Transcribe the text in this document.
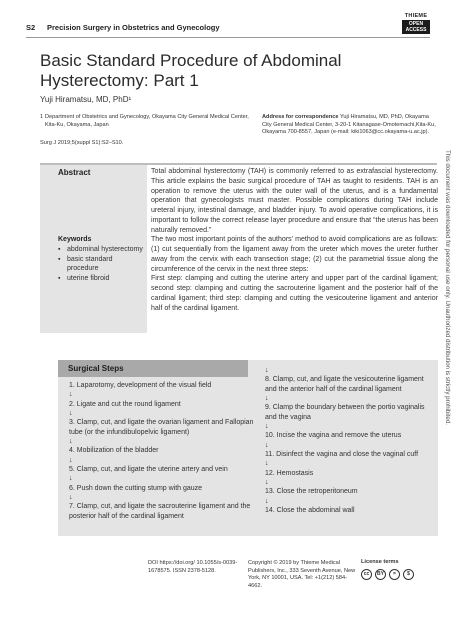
S2 Precision Surgery in Obstetrics and Gynecology
THIEME
OPEN
ACCESS
Basic Standard Procedure of Abdominal Hysterectomy: Part 1
Yuji Hiramatsu, MD, PhD¹
1 Department of Obstetrics and Gynecology, Okayama City General Medical Center, Kita-Ku, Okayama, Japan
Address for correspondence Yuji Hiramatsu, MD, PhD, Okayama City General Medical Center, 3-20-1 Kitanagase-Omotemachi,Kita-Ku, Okayama 700-8557, Japan (e-mail: kiki1063@cc.okayama-u.ac.jp).
Surg J 2019;5(suppl S1):S2–S10.
Abstract	Total abdominal hysterectomy (TAH) is commonly referred to as extrafascial hysterectomy. This article explains the basic surgical procedure of TAH as taught to residents. TAH is an operation to remove the uterus with the outer wall of the uterus, and is a fundamental operation that gynecologists must master. Possible complications during TAH include ureteral injury, intestinal damage, and bladder injury. To avoid operative complications, it is important to follow the correct release layer procedure and ensure that “the uterus has been naturally removed.”

The two most important points of the authors’ method to avoid complications are as follows: (1) cut sequentially from the ligament away from the ureter which moves the ureter further away from the cervix with each transection stage; (2) cut the parametrial tissue along the circumference of the cervix in the next three steps:

First step: clamping and cutting the uterine artery and upper part of the cardinal ligament; second step: clamping and cutting the sacrouterine ligament and the posterior half of the cardinal ligament; third step: clamping and cutting the vesicouterine ligament and anterior half of the cardinal ligament.

Keywords
▪ abdominal hysterectomy
▪ basic standard procedure
▪ uterine fibroid
Surgical Steps
1. Laparotomy, development of the visual field
↓
2. Ligate and cut the round ligament
↓
3. Clamp, cut, and ligate the ovarian ligament and Fallopian tube (or the infundibulopelvic ligament)
↓
4. Mobilization of the bladder
↓
5. Clamp, cut, and ligate the uterine artery and vein
↓
6. Push down the cutting stump with gauze
↓
7. Clamp, cut, and ligate the sacrouterine ligament and the posterior half of the cardinal ligament
↓
8. Clamp, cut, and ligate the vesicouterine ligament and the anterior half of the cardinal ligament
↓
9. Clamp the boundary between the portio vaginalis and the vagina
↓
10. Incise the vagina and remove the uterus
↓
11. Disinfect the vagina and close the vaginal cuff
↓
12. Hemostasis
↓
13. Close the retroperitoneum
↓
14. Close the abdominal wall
DOI https://doi.org/ 10.1055/s-0039-1678575. ISSN 2378-5128.
Copyright © 2019 by Thieme Medical Publishers, Inc., 333 Seventh Avenue, New York, NY 10001, USA. Tel: +1(212) 584-4662.
License terms
cc	BY	=	$
This document was downloaded for personal use only. Unauthorized distribution is strictly prohibited.
